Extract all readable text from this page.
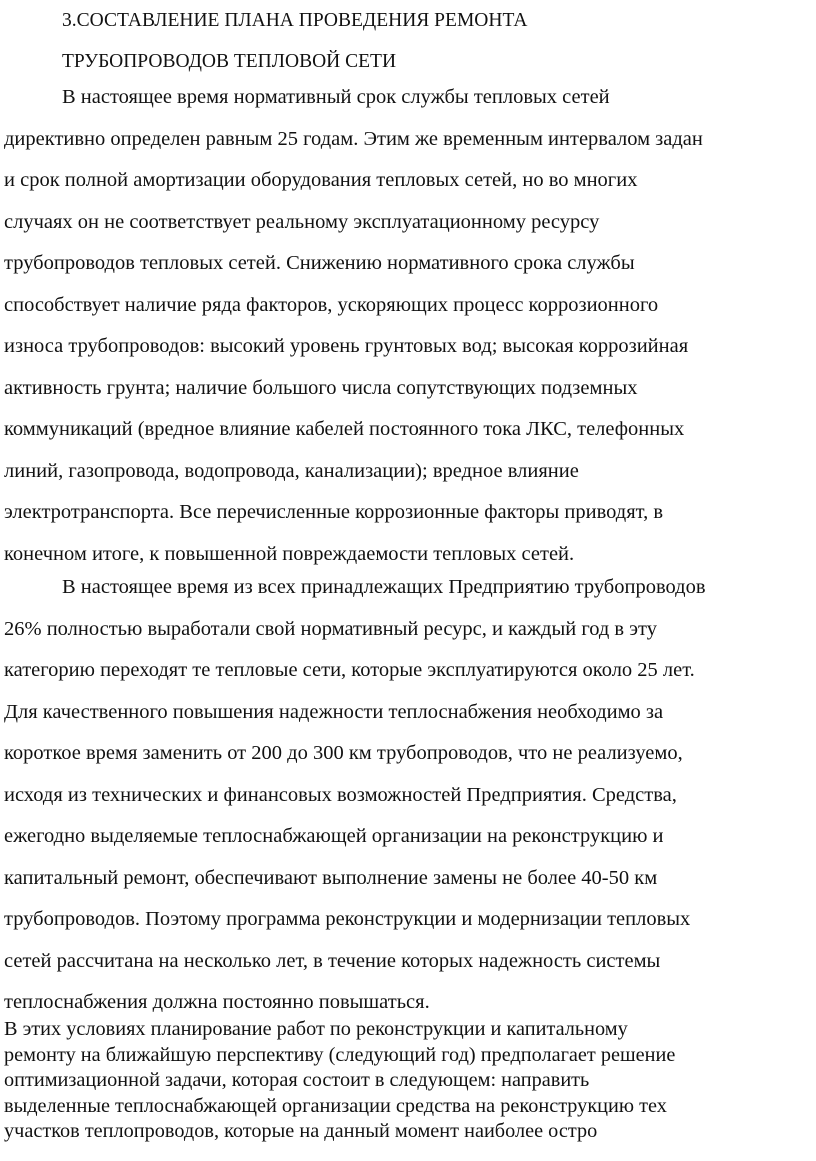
3.СОСТАВЛЕНИЕ ПЛАНА ПРОВЕДЕНИЯ РЕМОНТА
ТРУБОПРОВОДОВ ТЕПЛОВОЙ СЕТИ

В настоящее время нормативный срок службы тепловых сетей
директивно определен равным 25 годам. Этим же временным интервалом задан
и срок полной амортизации оборудования тепловых сетей, но во многих
случаях он не соответствует реальному эксплуатационному ресурсу
трубопроводов тепловых сетей. Снижению нормативного срока службы
способствует наличие ряда факторов, ускоряющих процесс коррозионного
износа трубопроводов: высокий уровень грунтовых вод; высокая коррозийная
активность грунта; наличие большого числа сопутствующих подземных
коммуникаций (вредное влияние кабелей постоянного тока ЛКС, телефонных
линий, газопровода, водопровода, канализации); вредное влияние
электротранспорта. Все перечисленные коррозионные факторы приводят, в
конечном итоге, к повышенной повреждаемости тепловых сетей.

В настоящее время из всех принадлежащих Предприятию трубопроводов
26% полностью выработали свой нормативный ресурс, и каждый год в эту
категорию переходят те тепловые сети, которые эксплуатируются около 25 лет.
Для качественного повышения надежности теплоснабжения необходимо за
короткое время заменить от 200 до 300 км трубопроводов, что не реализуемо,
исходя из технических и финансовых возможностей Предприятия. Средства,
ежегодно выделяемые теплоснабжающей организации на реконструкцию и
капитальный ремонт, обеспечивают выполнение замены не более 40-50 км
трубопроводов. Поэтому программа реконструкции и модернизации тепловых
сетей рассчитана на несколько лет, в течение которых надежность системы
теплоснабжения должна постоянно повышаться.

В этих условиях планирование работ по реконструкции и капитальному
ремонту на ближайшую перспективу (следующий год) предполагает решение
оптимизационной задачи, которая состоит в следующем: направить
выделенные теплоснабжающей организации средства на реконструкцию тех
участков теплопроводов, которые на данный момент наиболее остро
